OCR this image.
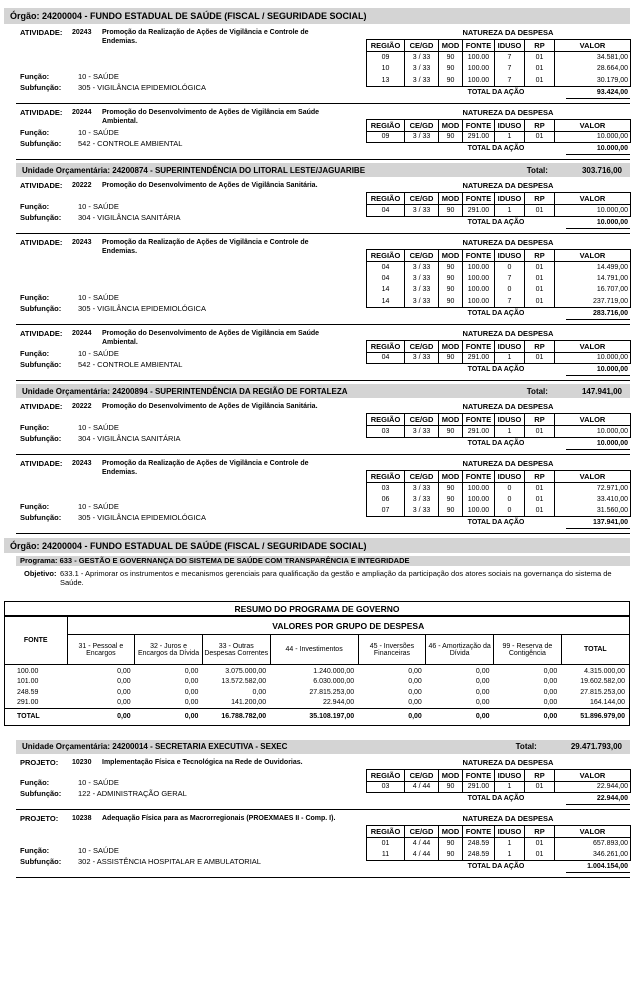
Órgão: 24200004 - FUNDO ESTADUAL DE SAÚDE (FISCAL / SEGURIDADE SOCIAL)
ATIVIDADE:	20243	Promoção da Realização de Ações de Vigilância e Controle de Endemias.
Função:	10 - SAÚDE
Subfunção: 305 - VIGILÂNCIA EPIDEMIOLÓGICA
NATUREZA DA DESPESA
REGIÃO	CE/GD	MOD	FONTE	IDUSO	RP	VALOR
09	3 / 33	90	100.00	7	01	34.581,00
10	3 / 33	90	100.00	7	01	28.664,00
13	3 / 33	90	100.00	7	01	30.179,00
TOTAL DA AÇÃO	93.424,00
ATIVIDADE:	20244	Promoção do Desenvolvimento de Ações de Vigilância em Saúde Ambiental.
Função:	10 - SAÚDE
Subfunção: 542 - CONTROLE AMBIENTAL
NATUREZA DA DESPESA
REGIÃO	CE/GD	MOD	FONTE	IDUSO	RP	VALOR
09	3 / 33	90	291.00	1	01	10.000,00
TOTAL DA AÇÃO	10.000,00
Unidade Orçamentária: 24200874 - SUPERINTENDÊNCIA DO LITORAL LESTE/JAGUARIBE	Total:	303.716,00
ATIVIDADE:	20222	Promoção do Desenvolvimento de Ações de Vigilância Sanitária.
Função:	10 - SAÚDE
Subfunção: 304 - VIGILÂNCIA SANITÁRIA
NATUREZA DA DESPESA
REGIÃO	CE/GD	MOD	FONTE	IDUSO	RP	VALOR
04	3 / 33	90	291.00	1	01	10.000,00
TOTAL DA AÇÃO	10.000,00
ATIVIDADE:	20243	Promoção da Realização de Ações de Vigilância e Controle de Endemias.
Função:	10 - SAÚDE
Subfunção: 305 - VIGILÂNCIA EPIDEMIOLÓGICA
NATUREZA DA DESPESA
REGIÃO	CE/GD	MOD	FONTE	IDUSO	RP	VALOR
04	3 / 33	90	100.00	0	01	14.499,00
04	3 / 33	90	100.00	7	01	14.791,00
14	3 / 33	90	100.00	0	01	16.707,00
14	3 / 33	90	100.00	7	01	237.719,00
TOTAL DA AÇÃO	283.716,00
ATIVIDADE:	20244	Promoção do Desenvolvimento de Ações de Vigilância em Saúde Ambiental.
Função:	10 - SAÚDE
Subfunção: 542 - CONTROLE AMBIENTAL
NATUREZA DA DESPESA
REGIÃO	CE/GD	MOD	FONTE	IDUSO	RP	VALOR
04	3 / 33	90	291.00	1	01	10.000,00
TOTAL DA AÇÃO	10.000,00
Unidade Orçamentária: 24200894 - SUPERINTENDÊNCIA DA REGIÃO DE FORTALEZA	Total:	147.941,00
ATIVIDADE:	20222	Promoção do Desenvolvimento de Ações de Vigilância Sanitária.
Função:	10 - SAÚDE
Subfunção: 304 - VIGILÂNCIA SANITÁRIA
NATUREZA DA DESPESA
REGIÃO	CE/GD	MOD	FONTE	IDUSO	RP	VALOR
03	3 / 33	90	291.00	1	01	10.000,00
TOTAL DA AÇÃO	10.000,00
ATIVIDADE:	20243	Promoção da Realização de Ações de Vigilância e Controle de Endemias.
Função:	10 - SAÚDE
Subfunção: 305 - VIGILÂNCIA EPIDEMIOLÓGICA
NATUREZA DA DESPESA
REGIÃO	CE/GD	MOD	FONTE	IDUSO	RP	VALOR
03	3 / 33	90	100.00	0	01	72.971,00
06	3 / 33	90	100.00	0	01	33.410,00
07	3 / 33	90	100.00	0	01	31.560,00
TOTAL DA AÇÃO	137.941,00
Órgão: 24200004 - FUNDO ESTADUAL DE SAÚDE (FISCAL / SEGURIDADE SOCIAL)
Programa: 633 - GESTÃO E GOVERNANÇA DO SISTEMA DE SAÚDE COM TRANSPARÊNCIA E INTEGRIDADE
Objetivo: 633.1 - Aprimorar os instrumentos e mecanismos gerenciais para qualificação da gestão e ampliação da participação dos atores sociais na governança do sistema de Saúde.
RESUMO DO PROGRAMA DE GOVERNO
FONTE	VALORES POR GRUPO DE DESPESA							
	31 - Pessoal e Encargos	32 - Juros e Encargos da Dívida	33 - Outras Despesas Correntes	44 - Investimentos	45 - Inversões Financeiras	46 - Amortização da Dívida	99 - Reserva de Contigência	TOTAL
100.00	0,00	0,00	3.075.000,00	1.240.000,00	0,00	0,00	0,00	4.315.000,00
101.00	0,00	0,00	13.572.582,00	6.030.000,00	0,00	0,00	0,00	19.602.582,00
248.59	0,00	0,00	0,00	27.815.253,00	0,00	0,00	0,00	27.815.253,00
291.00	0,00	0,00	141.200,00	22.944,00	0,00	0,00	0,00	164.144,00
TOTAL	0,00	0,00	16.788.782,00	35.108.197,00	0,00	0,00	0,00	51.896.979,00
Unidade Orçamentária: 24200014 - SECRETARIA EXECUTIVA - SEXEC	Total:	29.471.793,00
PROJETO:	10230	Implementação Física e Tecnológica na Rede de Ouvidorias.
Função:	10 - SAÚDE
Subfunção: 122 - ADMINISTRAÇÃO GERAL
NATUREZA DA DESPESA
REGIÃO	CE/GD	MOD	FONTE	IDUSO	RP	VALOR
03	4 / 44	90	291.00	1	01	22.944,00
TOTAL DA AÇÃO	22.944,00
PROJETO:	10238	Adequação Física para as Macrorregionais (PROEXMAES II - Comp. I).
Função:	10 - SAÚDE
Subfunção: 302 - ASSISTÊNCIA HOSPITALAR E AMBULATORIAL
NATUREZA DA DESPESA
REGIÃO	CE/GD	MOD	FONTE	IDUSO	RP	VALOR
01	4 / 44	90	248.59	1	01	657.893,00
11	4 / 44	90	248.59	1	01	346.261,00
TOTAL DA AÇÃO	1.004.154,00
